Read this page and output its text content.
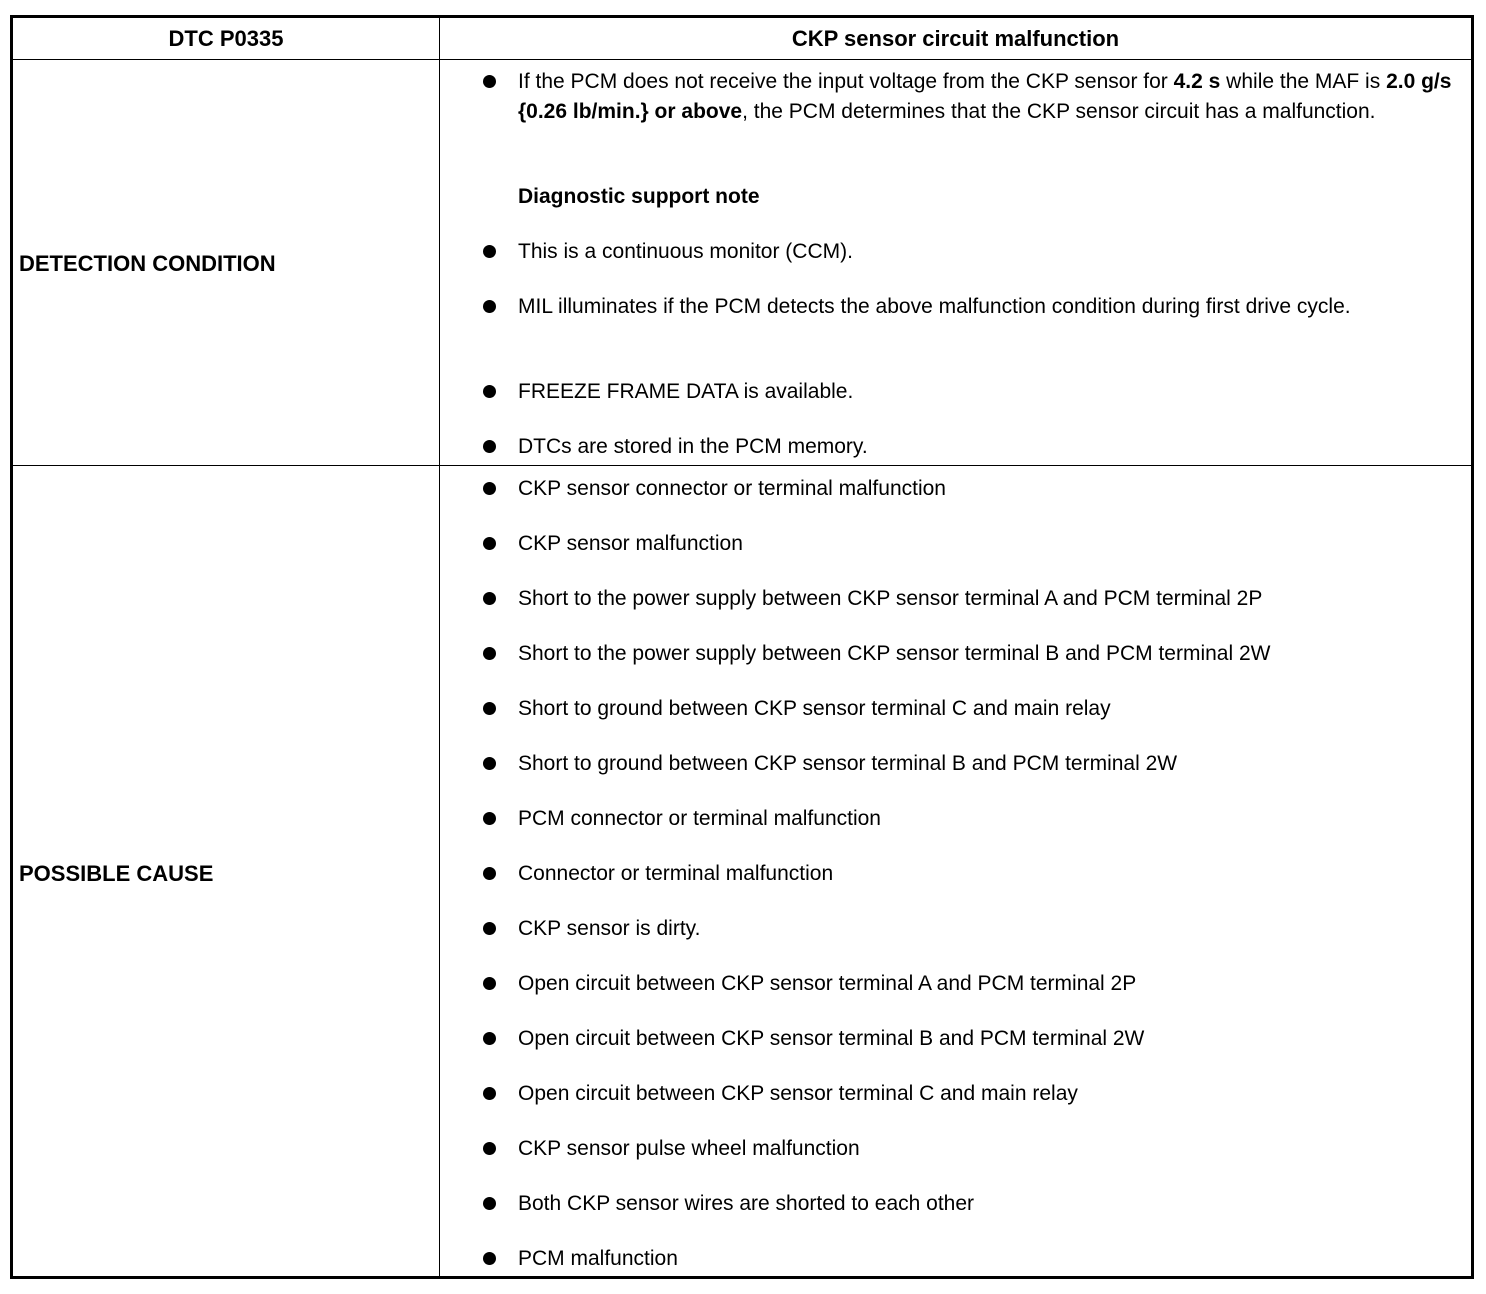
DTC P0335	CKP sensor circuit malfunction
DETECTION CONDITION
If the PCM does not receive the input voltage from the CKP sensor for 4.2 s while the MAF is 2.0 g/s {0.26 lb/min.} or above, the PCM determines that the CKP sensor circuit has a malfunction.
Diagnostic support note
This is a continuous monitor (CCM).
MIL illuminates if the PCM detects the above malfunction condition during first drive cycle.
FREEZE FRAME DATA is available.
DTCs are stored in the PCM memory.
POSSIBLE CAUSE
CKP sensor connector or terminal malfunction
CKP sensor malfunction
Short to the power supply between CKP sensor terminal A and PCM terminal 2P
Short to the power supply between CKP sensor terminal B and PCM terminal 2W
Short to ground between CKP sensor terminal C and main relay
Short to ground between CKP sensor terminal B and PCM terminal 2W
PCM connector or terminal malfunction
Connector or terminal malfunction
CKP sensor is dirty.
Open circuit between CKP sensor terminal A and PCM terminal 2P
Open circuit between CKP sensor terminal B and PCM terminal 2W
Open circuit between CKP sensor terminal C and main relay
CKP sensor pulse wheel malfunction
Both CKP sensor wires are shorted to each other
PCM malfunction
